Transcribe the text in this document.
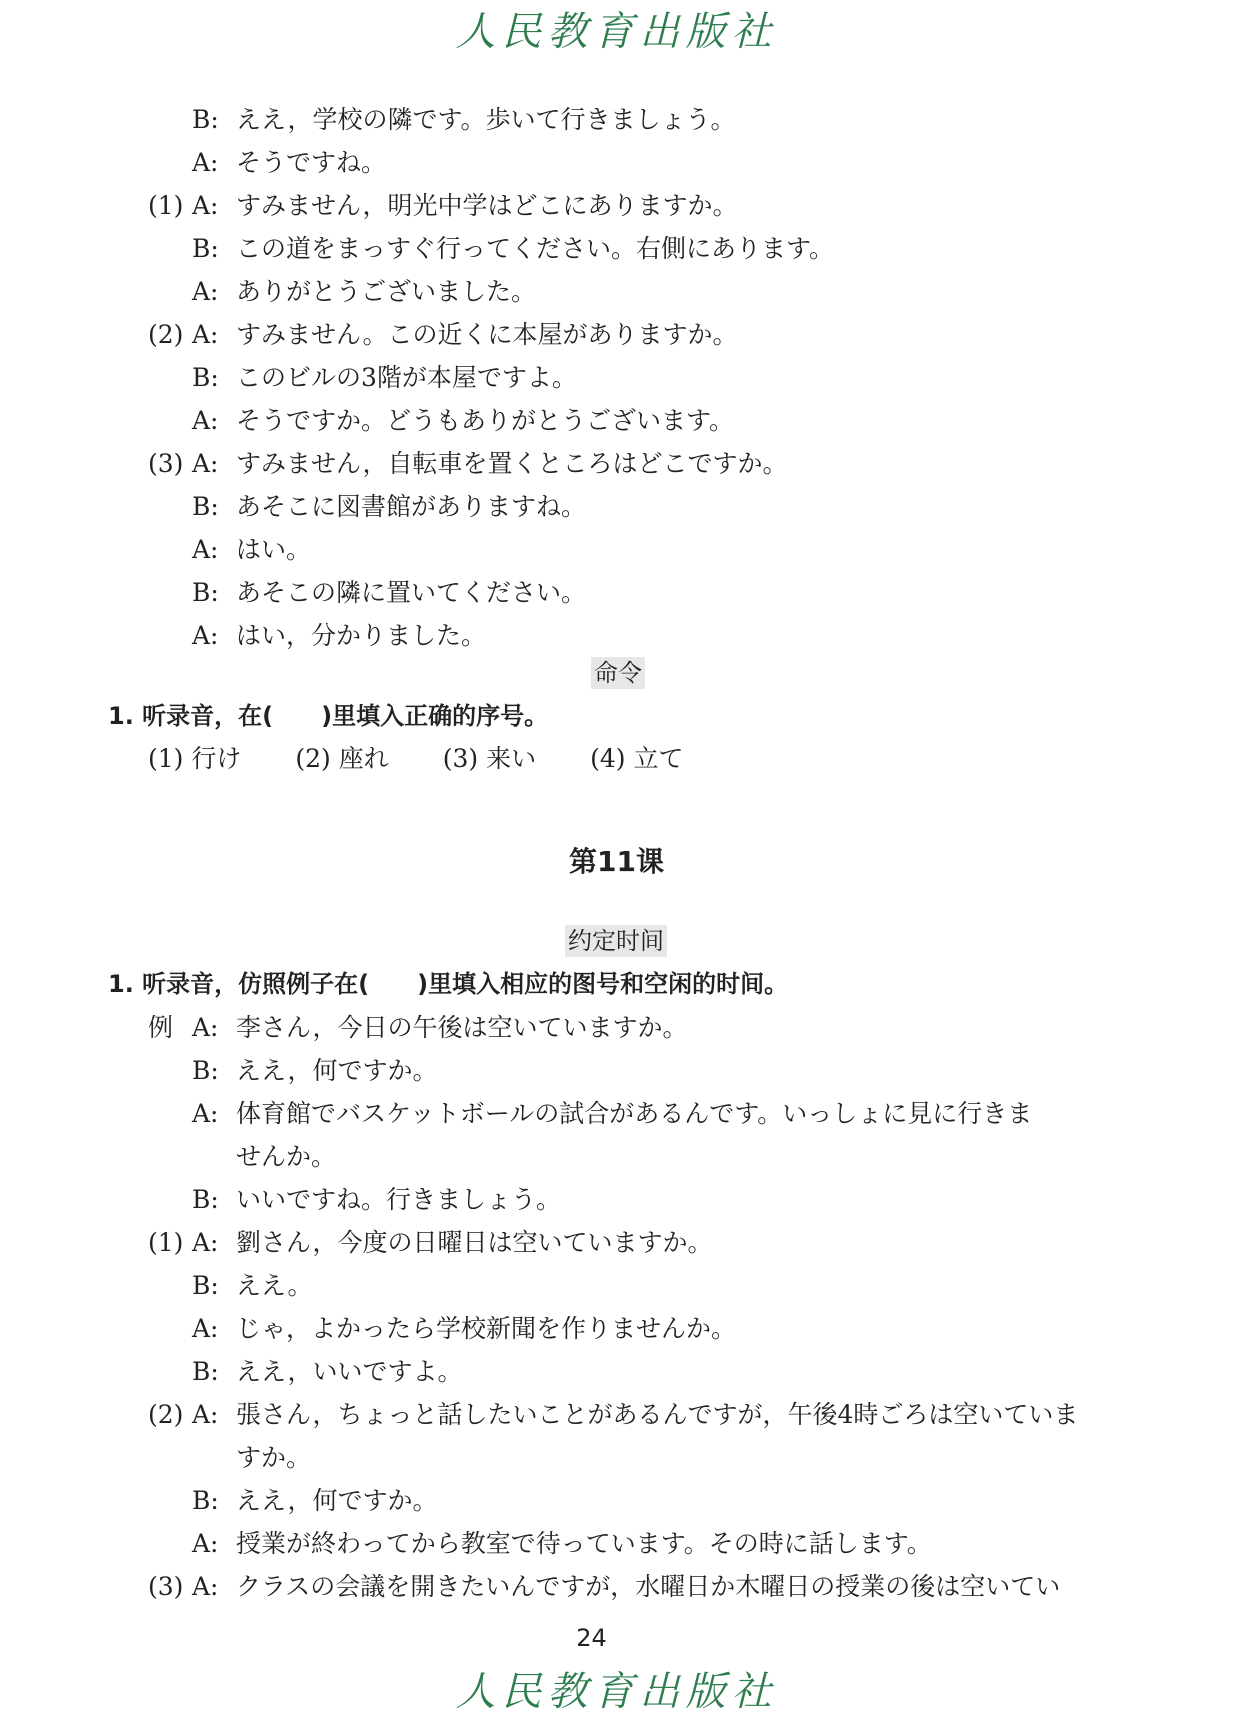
人民教育出版社
B: ええ，学校の隣です。歩いて行きましょう。
A: そうですね。
(1) A: すみません，明光中学はどこにありますか。
B: この道をまっすぐ行ってください。右側にあります。
A: ありがとうございました。
(2) A: すみません。この近くに本屋がありますか。
B: このビルの3階が本屋ですよ。
A: そうですか。どうもありがとうございます。
(3) A: すみません，自転車を置くところはどこですか。
B: あそこに図書館がありますね。
A: はい。
B: あそこの隣に置いてください。
A: はい，分かりました。
命令
1. 听录音，在(　　)里填入正确的序号。
(1) 行け (2) 座れ (3) 来い (4) 立て
第11课
约定时间
1. 听录音，仿照例子在(　　)里填入相应的图号和空闲的时间。
例 A: 李さん，今日の午後は空いていますか。
B: ええ，何ですか。
A: 体育館でバスケットボールの試合があるんです。いっしょに見に行きま
せんか。
B: いいですね。行きましょう。
(1) A: 劉さん，今度の日曜日は空いていますか。
B: ええ。
A: じゃ，よかったら学校新聞を作りませんか。
B: ええ，いいですよ。
(2) A: 張さん，ちょっと話したいことがあるんですが，午後4時ごろは空いていま
すか。
B: ええ，何ですか。
A: 授業が終わってから教室で待っています。その時に話します。
(3) A: クラスの会議を開きたいんですが，水曜日か木曜日の授業の後は空いてい
24
人民教育出版社
